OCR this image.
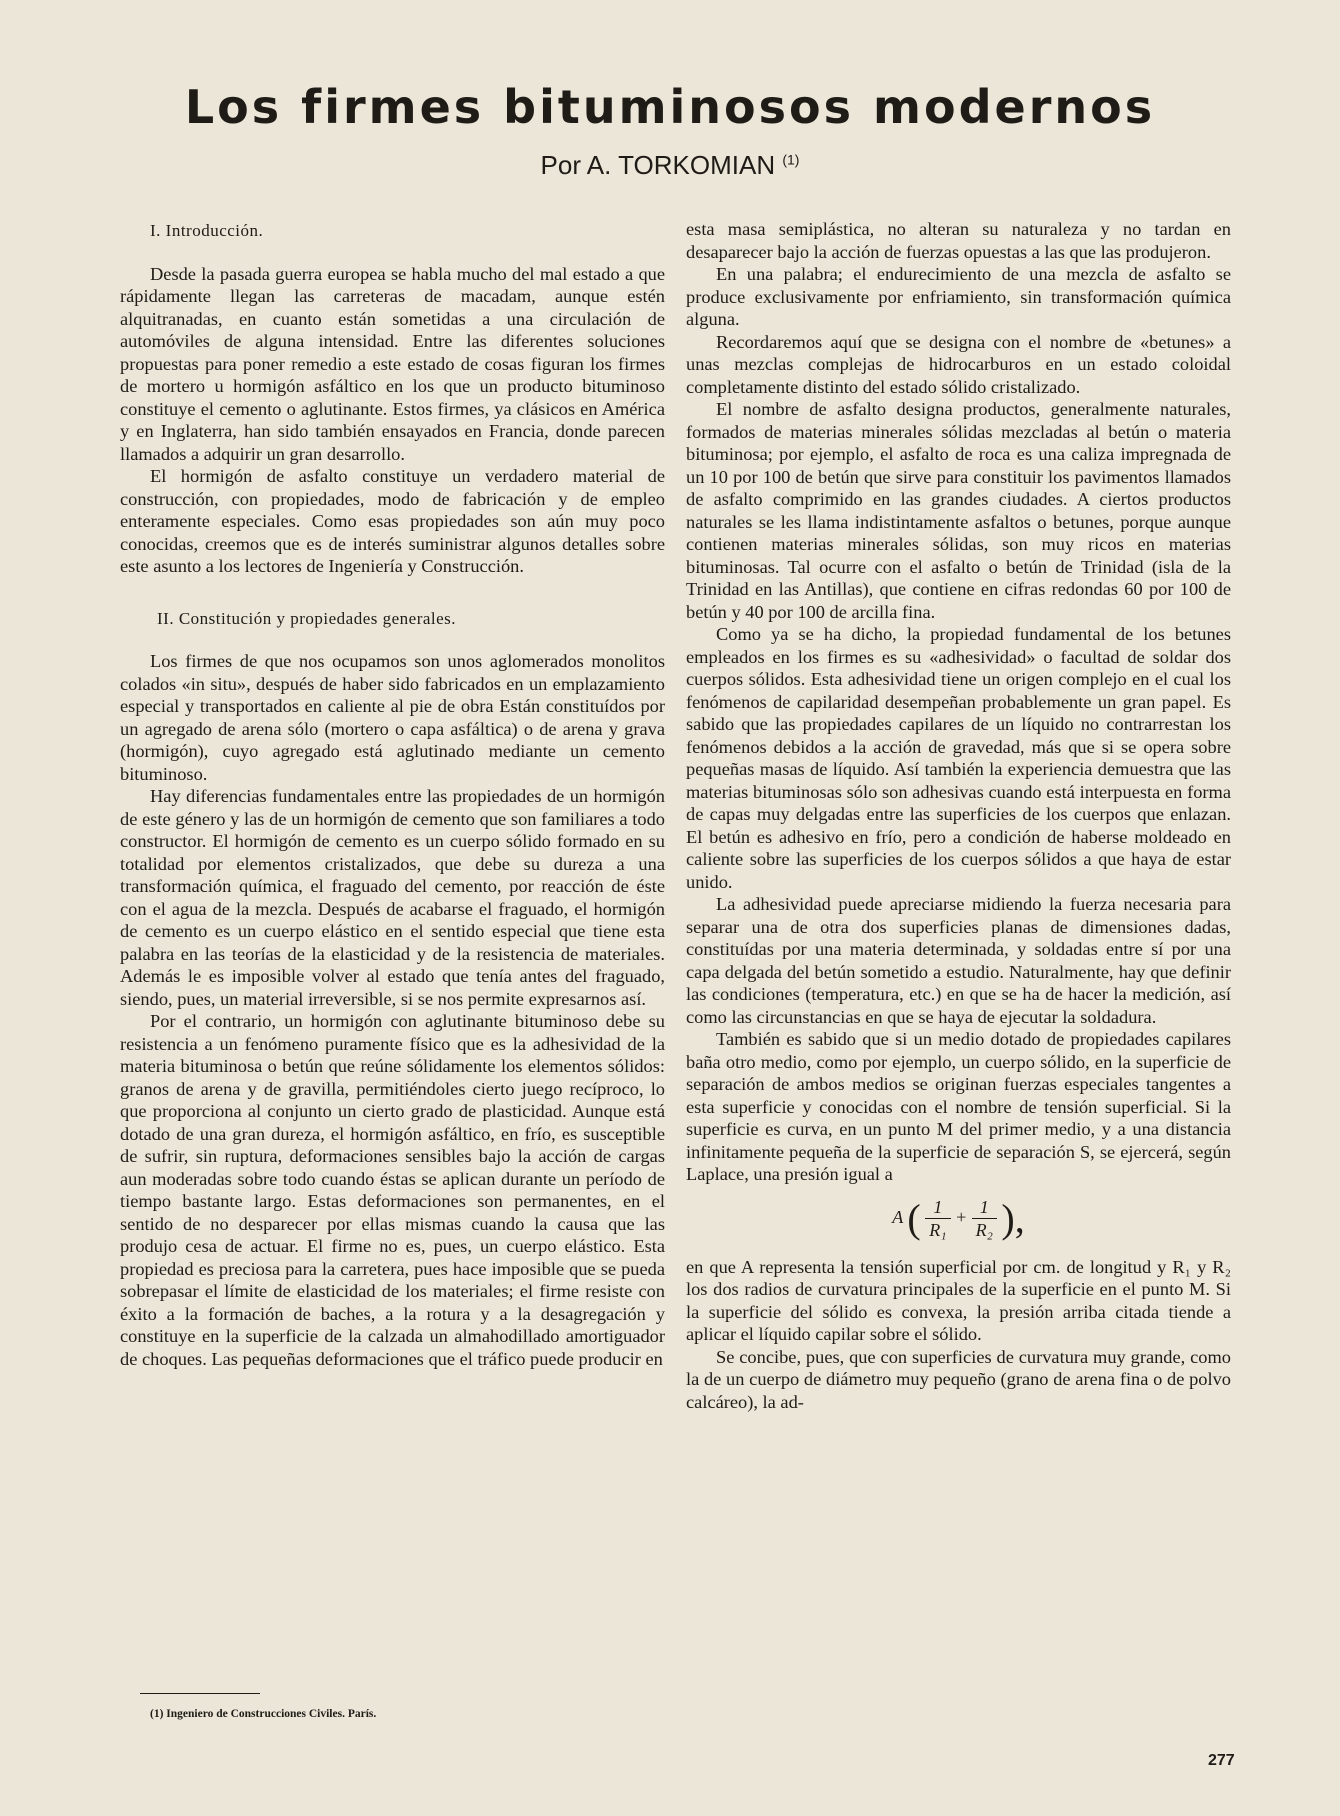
Los firmes bituminosos modernos
Por A. TORKOMIAN $^{(1)}$
I. Introducción.

Desde la pasada guerra europea se habla mucho del mal estado a que rápidamente llegan las carreteras de macadam, aunque estén alquitranadas, en cuanto están sometidas a una circulación de automóviles de alguna intensidad. Entre las diferentes soluciones propuestas para poner remedio a este estado de cosas figuran los firmes de mortero u hormigón asfáltico en los que un producto bituminoso constituye el cemento o aglutinante. Estos firmes, ya clásicos en América y en Inglaterra, han sido también ensayados en Francia, donde parecen llamados a adquirir un gran desarrollo.

El hormigón de asfalto constituye un verdadero material de construcción, con propiedades, modo de fabricación y de empleo enteramente especiales. Como esas propiedades son aún muy poco conocidas, creemos que es de interés suministrar algunos detalles sobre este asunto a los lectores de Ingeniería y Construcción.

II. Constitución y propiedades generales.

Los firmes de que nos ocupamos son unos aglomerados monolitos colados «in situ», después de haber sido fabricados en un emplazamiento especial y transportados en caliente al pie de obra Están constituídos por un agregado de arena sólo (mortero o capa asfáltica) o de arena y grava (hormigón), cuyo agregado está aglutinado mediante un cemento bituminoso.

Hay diferencias fundamentales entre las propiedades de un hormigón de este género y las de un hormigón de cemento que son familiares a todo constructor. El hormigón de cemento es un cuerpo sólido formado en su totalidad por elementos cristalizados, que debe su dureza a una transformación química, el fraguado del cemento, por reacción de éste con el agua de la mezcla. Después de acabarse el fraguado, el hormigón de cemento es un cuerpo elástico en el sentido especial que tiene esta palabra en las teorías de la elasticidad y de la resistencia de materiales. Además le es imposible volver al estado que tenía antes del fraguado, siendo, pues, un material irreversible, si se nos permite expresarnos así.

Por el contrario, un hormigón con aglutinante bituminoso debe su resistencia a un fenómeno puramente físico que es la adhesividad de la materia bituminosa o betún que reúne sólidamente los elementos sólidos: granos de arena y de gravilla, permitiéndoles cierto juego recíproco, lo que proporciona al conjunto un cierto grado de plasticidad. Aunque está dotado de una gran dureza, el hormigón asfáltico, en frío, es susceptible de sufrir, sin ruptura, deformaciones sensibles bajo la acción de cargas aun moderadas sobre todo cuando éstas se aplican durante un período de tiempo bastante largo. Estas deformaciones son permanentes, en el sentido de no desparecer por ellas mismas cuando la causa que las produjo cesa de actuar. El firme no es, pues, un cuerpo elástico. Esta propiedad es preciosa para la carretera, pues hace imposible que se pueda sobrepasar el límite de elasticidad de los materiales; el firme resiste con éxito a la formación de baches, a la rotura y a la desagregación y constituye en la superficie de la calzada un almahodillado amortiguador de choques. Las pequeñas deformaciones que el tráfico puede producir en

esta masa semiplástica, no alteran su naturaleza y no tardan en desaparecer bajo la acción de fuerzas opuestas a las que las produjeron.

En una palabra; el endurecimiento de una mezcla de asfalto se produce exclusivamente por enfriamiento, sin transformación química alguna.

Recordaremos aquí que se designa con el nombre de «betunes» a unas mezclas complejas de hidrocarburos en un estado coloidal completamente distinto del estado sólido cristalizado.

El nombre de asfalto designa productos, generalmente naturales, formados de materias minerales sólidas mezcladas al betún o materia bituminosa; por ejemplo, el asfalto de roca es una caliza impregnada de un 10 por 100 de betún que sirve para constituir los pavimentos llamados de asfalto comprimido en las grandes ciudades. A ciertos productos naturales se les llama indistintamente asfaltos o betunes, porque aunque contienen materias minerales sólidas, son muy ricos en materias bituminosas. Tal ocurre con el asfalto o betún de Trinidad (isla de la Trinidad en las Antillas), que contiene en cifras redondas 60 por 100 de betún y 40 por 100 de arcilla fina.

Como ya se ha dicho, la propiedad fundamental de los betunes empleados en los firmes es su «adhesividad» o facultad de soldar dos cuerpos sólidos. Esta adhesividad tiene un origen complejo en el cual los fenómenos de capilaridad desempeñan probablemente un gran papel. Es sabido que las propiedades capilares de un líquido no contrarrestan los fenómenos debidos a la acción de gravedad, más que si se opera sobre pequeñas masas de líquido. Así también la experiencia demuestra que las materias bituminosas sólo son adhesivas cuando está interpuesta en forma de capas muy delgadas entre las superficies de los cuerpos que enlazan. El betún es adhesivo en frío, pero a condición de haberse moldeado en caliente sobre las superficies de los cuerpos sólidos a que haya de estar unido.

La adhesividad puede apreciarse midiendo la fuerza necesaria para separar una de otra dos superficies planas de dimensiones dadas, constituídas por una materia determinada, y soldadas entre sí por una capa delgada del betún sometido a estudio. Naturalmente, hay que definir las condiciones (temperatura, etc.) en que se ha de hacer la medición, así como las circunstancias en que se haya de ejecutar la soldadura.

También es sabido que si un medio dotado de propiedades capilares baña otro medio, como por ejemplo, un cuerpo sólido, en la superficie de separación de ambos medios se originan fuerzas especiales tangentes a esta superficie y conocidas con el nombre de tensión superficial. Si la superficie es curva, en un punto M del primer medio, y a una distancia infinitamente pequeña de la superficie de separación S, se ejercerá, según Laplace, una presión igual a

A ( $\frac{1}{\text{R₁}} + \frac{1}{\text{R₂}}$ ),

en que A representa la tensión superficial por cm. de longitud y R₁ y R₂ los dos radios de curvatura principales de la superficie en el punto M. Si la superficie del sólido es convexa, la presión arriba citada tiende a aplicar el líquido capilar sobre el sólido.

Se concibe, pues, que con superficies de curvatura muy grande, como la de un cuerpo de diámetro muy pequeño (grano de arena fina o de polvo calcáreo), la ad-

(1) Ingeniero de Construcciones Civiles. París.
277
